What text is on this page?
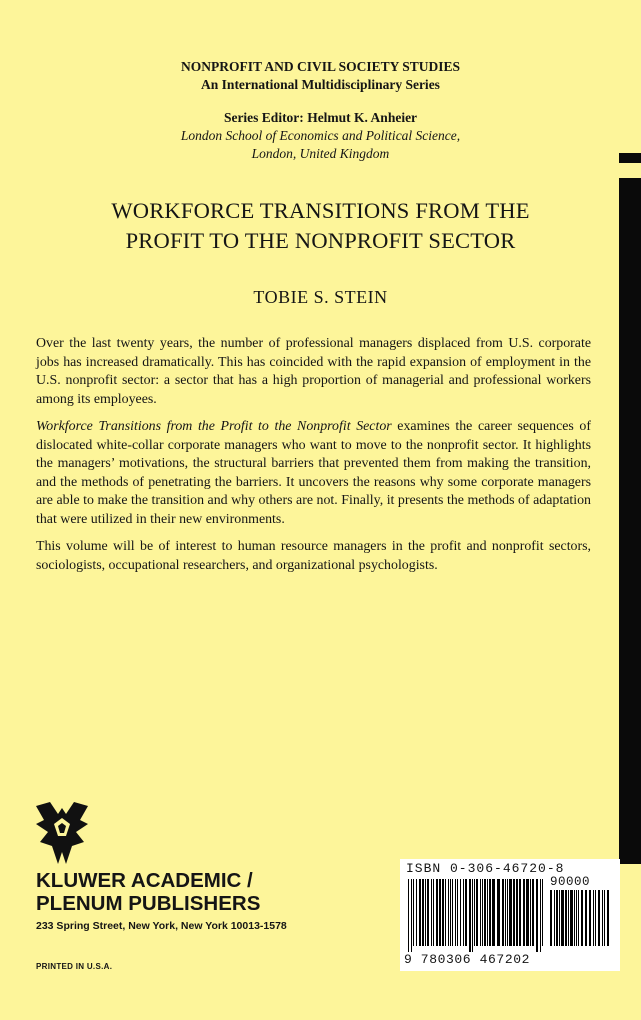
NONPROFIT AND CIVIL SOCIETY STUDIES
An International Multidisciplinary Series
Series Editor: Helmut K. Anheier
London School of Economics and Political Science,
London, United Kingdom
WORKFORCE TRANSITIONS FROM THE
PROFIT TO THE NONPROFIT SECTOR
TOBIE S. STEIN

Over the last twenty years, the number of professional managers displaced from U.S. corporate jobs has increased dramatically. This has coincided with the rapid expansion of employment in the U.S. nonprofit sector: a sector that has a high proportion of managerial and professional workers among its employees.

Workforce Transitions from the Profit to the Nonprofit Sector examines the career sequences of dislocated white-collar corporate managers who want to move to the nonprofit sector. It highlights the managers’ motivations, the structural barriers that prevented them from making the transition, and the methods of penetrating the barriers. It uncovers the reasons why some corporate managers are able to make the transition and why others are not. Finally, it presents the methods of adaptation that were utilized in their new environments.

This volume will be of interest to human resource managers in the profit and nonprofit sectors, sociologists, occupational researchers, and organizational psychologists.

KLUWER ACADEMIC /
PLENUM PUBLISHERS
233 Spring Street, New York, New York 10013-1578
PRINTED IN U.S.A.
ISBN 0-306-46720-8
90000
9 780306 467202
